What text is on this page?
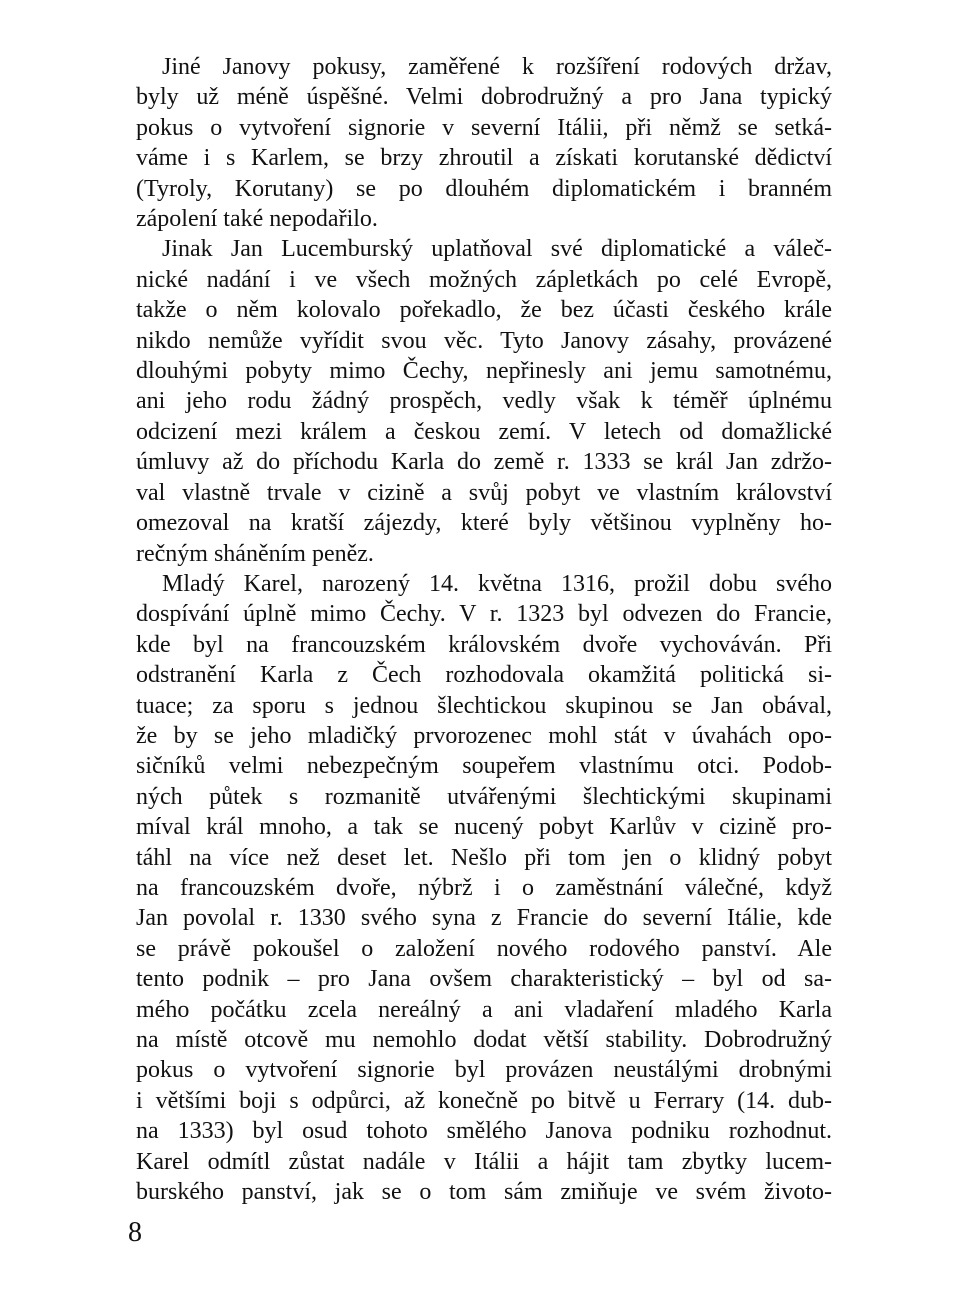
Jiné Janovy pokusy, zaměřené k rozšíření rodových držav,
byly už méně úspěšné. Velmi dobrodružný a pro Jana typický
pokus o vytvoření signorie v severní Itálii, při němž se setká-
váme i s Karlem, se brzy zhroutil a získati korutanské dědictví
(Tyroly, Korutany) se po dlouhém diplomatickém i branném
zápolení také nepodařilo.
Jinak Jan Lucemburský uplatňoval své diplomatické a váleč-
nické nadání i ve všech možných zápletkách po celé Evropě,
takže o něm kolovalo pořekadlo, že bez účasti českého krále
nikdo nemůže vyřídit svou věc. Tyto Janovy zásahy, provázené
dlouhými pobyty mimo Čechy, nepřinesly ani jemu samotnému,
ani jeho rodu žádný prospěch, vedly však k téměř úplnému
odcizení mezi králem a českou zemí. V letech od domažlické
úmluvy až do příchodu Karla do země r. 1333 se král Jan zdržo-
val vlastně trvale v cizině a svůj pobyt ve vlastním království
omezoval na kratší zájezdy, které byly většinou vyplněny ho-
rečným sháněním peněz.
Mladý Karel, narozený 14. května 1316, prožil dobu svého
dospívání úplně mimo Čechy. V r. 1323 byl odvezen do Francie,
kde byl na francouzském královském dvoře vychováván. Při
odstranění Karla z Čech rozhodovala okamžitá politická si-
tuace; za sporu s jednou šlechtickou skupinou se Jan obával,
že by se jeho mladičký prvorozenec mohl stát v úvahách opo-
sičníků velmi nebezpečným soupeřem vlastnímu otci. Podob-
ných půtek s rozmanitě utvářenými šlechtickými skupinami
míval král mnoho, a tak se nucený pobyt Karlův v cizině pro-
táhl na více než deset let. Nešlo při tom jen o klidný pobyt
na francouzském dvoře, nýbrž i o zaměstnání válečné, když
Jan povolal r. 1330 svého syna z Francie do severní Itálie, kde
se právě pokoušel o založení nového rodového panství. Ale
tento podnik – pro Jana ovšem charakteristický – byl od sa-
mého počátku zcela nereálný a ani vladaření mladého Karla
na místě otcově mu nemohlo dodat větší stability. Dobrodružný
pokus o vytvoření signorie byl provázen neustálými drobnými
i většími boji s odpůrci, až konečně po bitvě u Ferrary (14. dub-
na 1333) byl osud tohoto smělého Janova podniku rozhodnut.
Karel odmítl zůstat nadále v Itálii a hájit tam zbytky lucem-
burského panství, jak se o tom sám zmiňuje ve svém životo-
8
